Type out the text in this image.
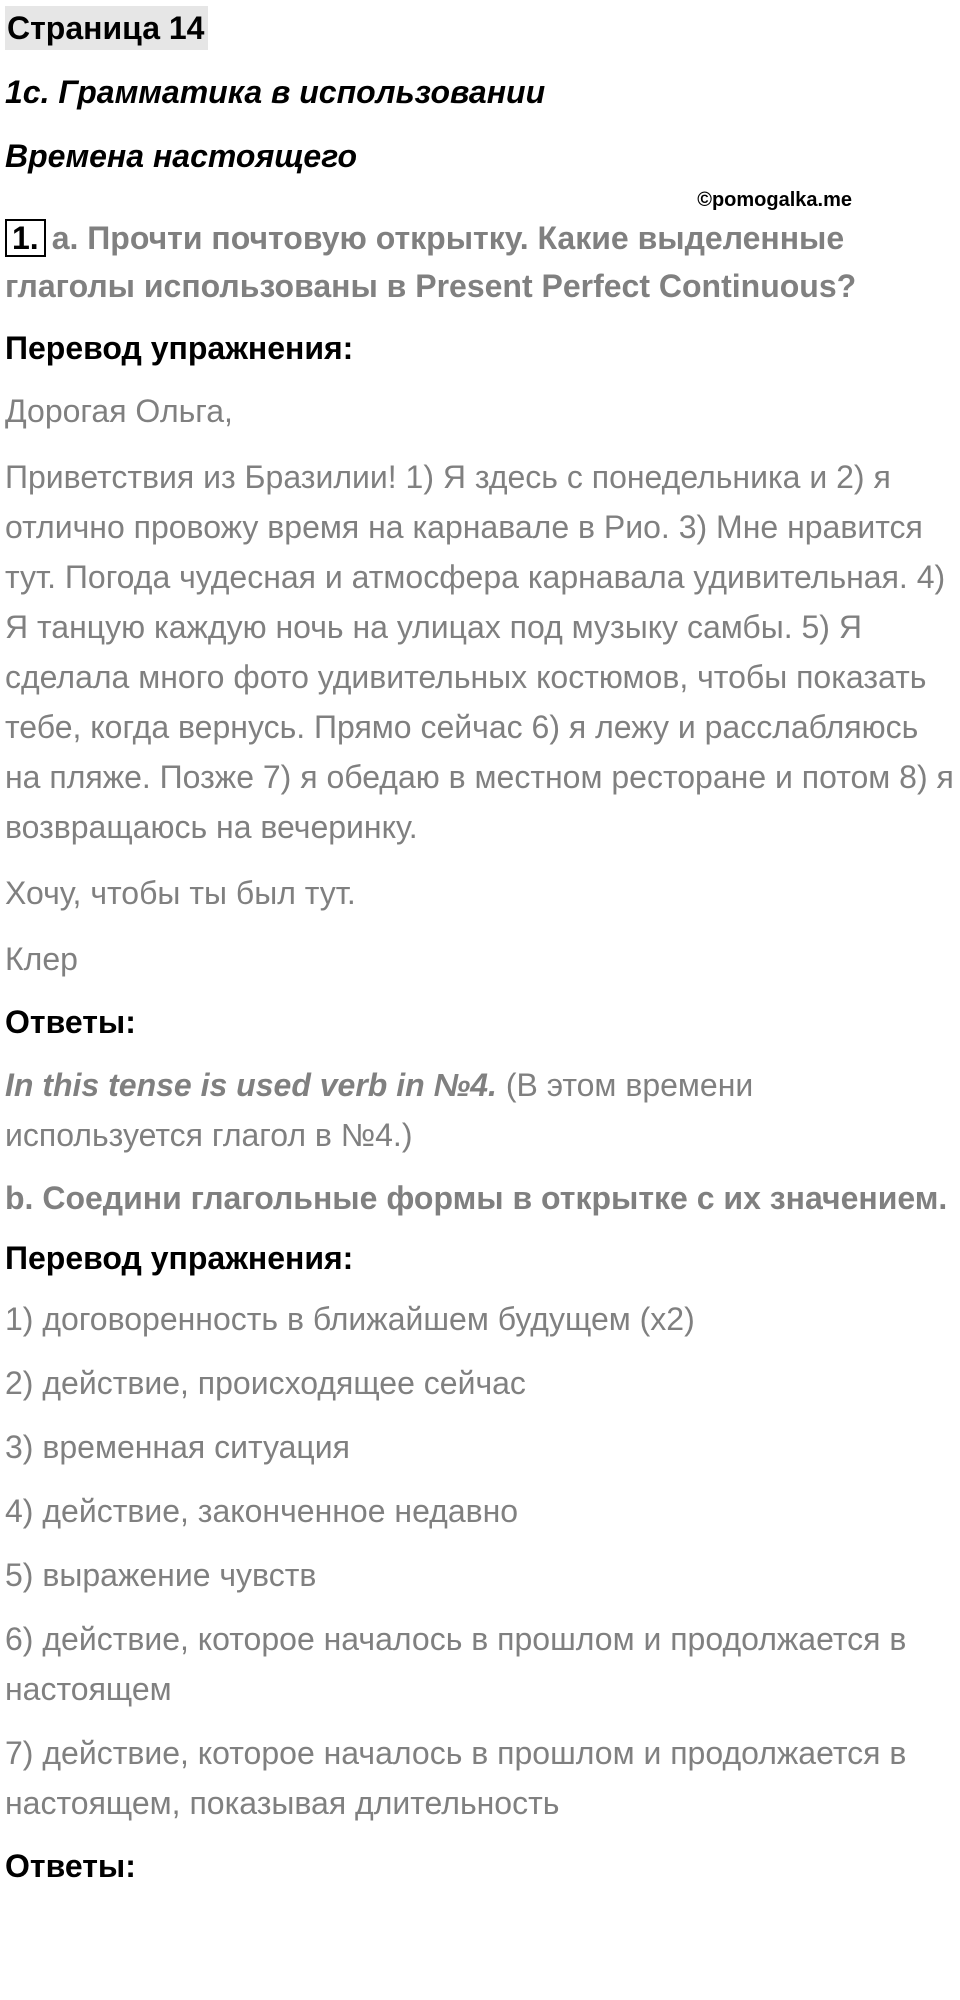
Страница 14
1c. Грамматика в использовании
Времена настоящего
©pomogalka.me

1. a. Прочти почтовую открытку. Какие выделенные глаголы использованы в Present Perfect Continuous?

Перевод упражнения:

Дорогая Ольга,

Приветствия из Бразилии! 1) Я здесь с понедельника и 2) я отлично провожу время на карнавале в Рио. 3) Мне нравится тут. Погода чудесная и атмосфера карнавала удивительная. 4) Я танцую каждую ночь на улицах под музыку самбы. 5) Я сделала много фото удивительных костюмов, чтобы показать тебе, когда вернусь. Прямо сейчас 6) я лежу и расслабляюсь на пляже. Позже 7) я обедаю в местном ресторане и потом 8) я возвращаюсь на вечеринку.

Хочу, чтобы ты был тут.

Клер

Ответы:

In this tense is used verb in №4. (В этом времени используется глагол в №4.)

b. Соедини глагольные формы в открытке с их значением.
Перевод упражнения:

1) договоренность в ближайшем будущем (x2)

2) действие, происходящее сейчас

3) временная ситуация

4) действие, законченное недавно

5) выражение чувств

6) действие, которое началось в прошлом и продолжается в настоящем

7) действие, которое началось в прошлом и продолжается в настоящем, показывая длительность

Ответы:
